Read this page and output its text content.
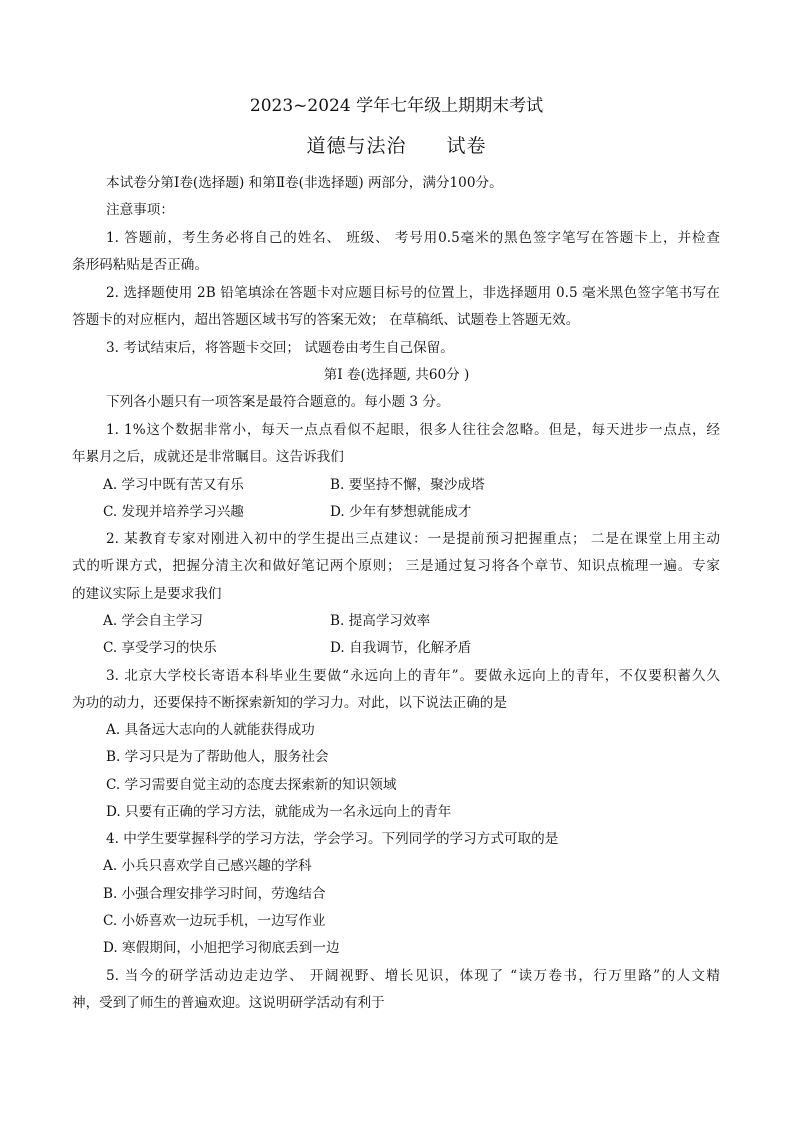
2023~2024 学年七年级上期期末考试
道德与法治　　试卷
本试卷分第Ⅰ卷(选择题) 和第Ⅱ卷(非选择题) 两部分，满分100分。
注意事项：
1. 答题前，考生务必将自己的姓名、 班级、 考号用0.5毫米的黑色签字笔写在答题卡上，并检查
条形码粘贴是否正确。
2. 选择题使用 2B 铅笔填涂在答题卡对应题目标号的位置上，非选择题用 0.5 毫米黑色签字笔书写在
答题卡的对应框内，超出答题区域书写的答案无效； 在草稿纸、试题卷上答题无效。
3. 考试结束后，将答题卡交回； 试题卷由考生自己保留。
第Ⅰ 卷(选择题, 共60分 )
下列各小题只有一项答案是最符合题意的。每小题 3 分。
1. 1%这个数据非常小，每天一点点看似不起眼，很多人往往会忽略。但是，每天进步一点点，经
年累月之后，成就还是非常瞩目。这告诉我们
A. 学习中既有苦又有乐	B. 要坚持不懈，聚沙成塔
C. 发现并培养学习兴趣	D. 少年有梦想就能成才
2. 某教育专家对刚进入初中的学生提出三点建议：一是提前预习把握重点； 二是在课堂上用主动
式的听课方式，把握分清主次和做好笔记两个原则； 三是通过复习将各个章节、知识点梳理一遍。专家
的建议实际上是要求我们
A. 学会自主学习	B. 提高学习效率
C. 享受学习的快乐	D. 自我调节，化解矛盾
3. 北京大学校长寄语本科毕业生要做“永远向上的青年”。要做永远向上的青年，不仅要积蓄久久
为功的动力，还要保持不断探索新知的学习力。对此，以下说法正确的是
A. 具备远大志向的人就能获得成功
B. 学习只是为了帮助他人，服务社会
C. 学习需要自觉主动的态度去探索新的知识领域
D. 只要有正确的学习方法，就能成为一名永远向上的青年
4. 中学生要掌握科学的学习方法，学会学习。下列同学的学习方式可取的是
A. 小兵只喜欢学自己感兴趣的学科
B. 小强合理安排学习时间，劳逸结合
C. 小娇喜欢一边玩手机，一边写作业
D. 寒假期间，小旭把学习彻底丢到一边
5. 当今的研学活动边走边学、 开阔视野、增长见识，体现了 “读万卷书，行万里路”的人文精
神，受到了师生的普遍欢迎。这说明研学活动有利于
